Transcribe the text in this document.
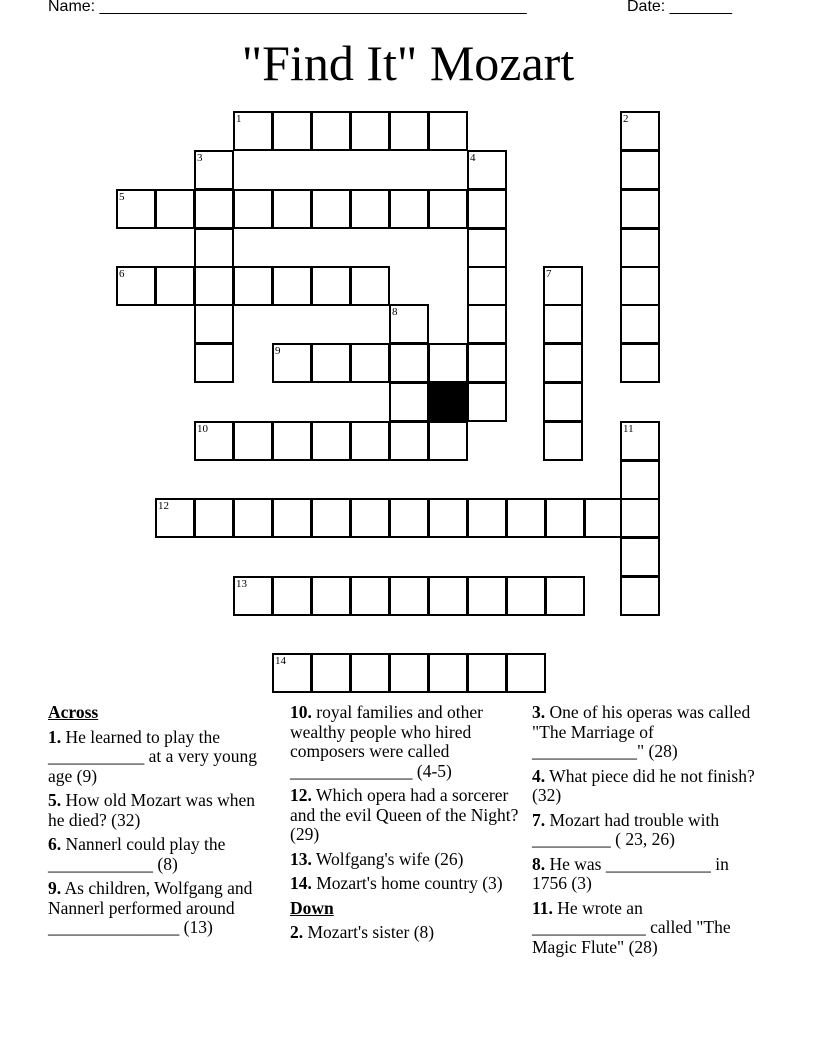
Name: ________________________________________________	Date: _______
"Find It" Mozart
1	2
3	4
5
6	7
8
9
10	11
12
13
14
Across
1. He learned to play the ___________ at a very young age (9)
5. How old Mozart was when he died? (32)
6. Nannerl could play the ____________ (8)
9. As children, Wolfgang and Nannerl performed around _______________ (13)
10. royal families and other wealthy people who hired composers were called ______________ (4-5)
12. Which opera had a sorcerer and the evil Queen of the Night? (29)
13. Wolfgang's wife (26)
14. Mozart's home country (3)
Down
2. Mozart's sister (8)
3. One of his operas was called "The Marriage of ____________" (28)
4. What piece did he not finish? (32)
7. Mozart had trouble with _________ ( 23, 26)
8. He was ____________ in 1756 (3)
11. He wrote an _____________ called "The Magic Flute" (28)
